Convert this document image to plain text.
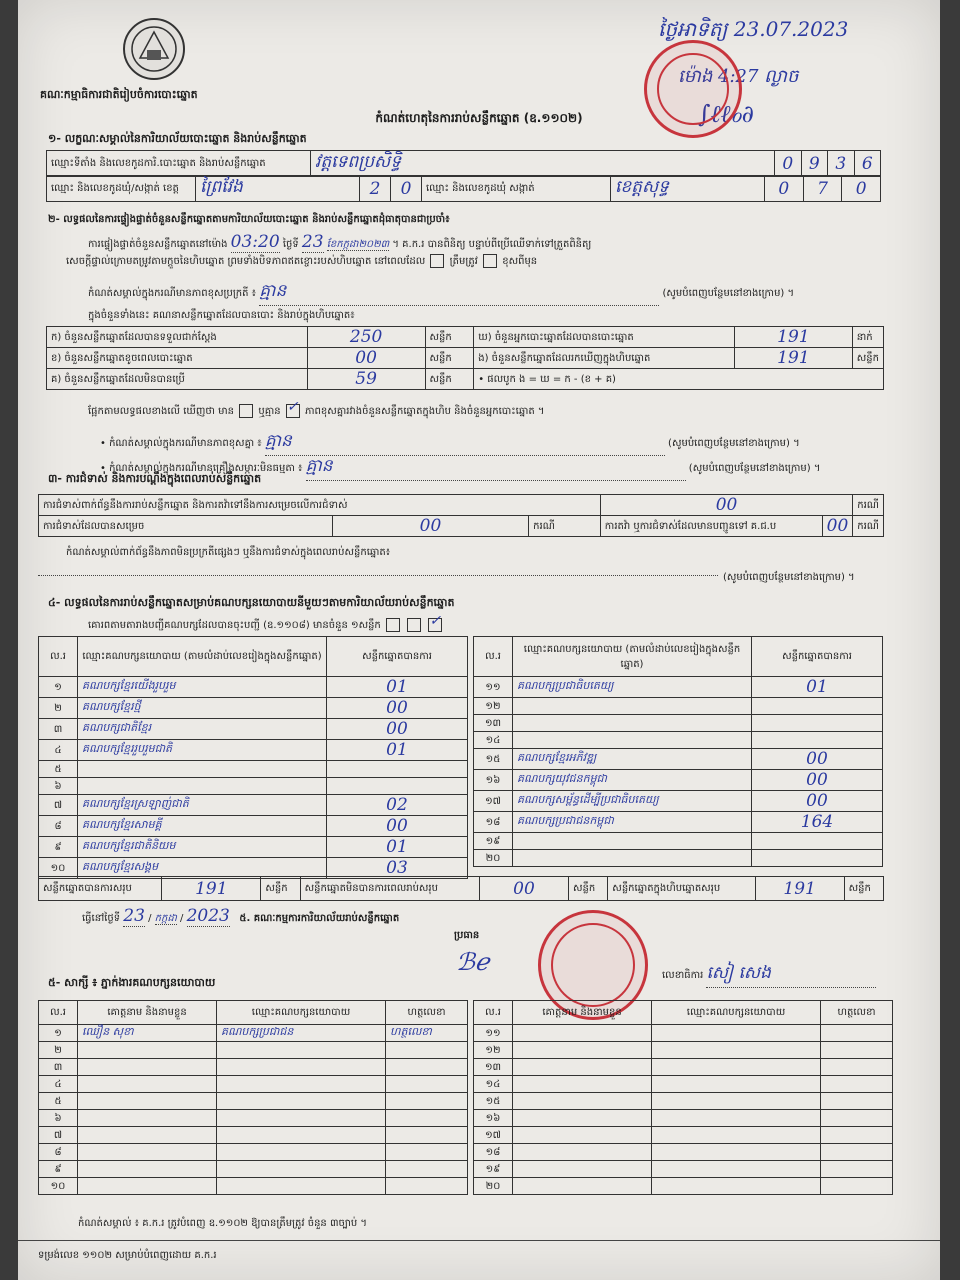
គណៈកម្មាធិការជាតិរៀបចំការបោះឆ្នោត
ថ្ងៃអាទិត្យ 23.07.2023
ម៉ោង 4:27 ល្ងាច
∫ℓℓℴ∂
កំណត់ហេតុនៃការរាប់សន្លឹកឆ្នោត (ឧ.១១០២)
១- លក្ខណៈសម្គាល់នៃការិយាល័យបោះឆ្នោត និងរាប់សន្លឹកឆ្នោត
ឈ្មោះទីតាំង និងលេខកូដការិ.បោះឆ្នោត និងរាប់សន្លឹកឆ្នោត	វត្តទេពប្រសិទ្ធិ	0	9	3	6
ឈ្មោះ និងលេខកូដឃុំ/សង្កាត់ ខេត្ត	ព្រៃវែង	2	0	ឈ្មោះ និងលេខកូដឃុំ សង្កាត់	ខេត្តសុទ្ធ	0	7	0
២- លទ្ធផលនៃការផ្ទៀងផ្ទាត់ចំនួនសន្លឹកឆ្នោតតាមការិយាល័យបោះឆ្នោត និងរាប់សន្លឹកឆ្នោតដុំធាតុបានជាប្រចាំ៖
ការផ្ទៀងផ្ទាត់ចំនួនសន្លឹកឆ្នោតនៅម៉ោង 03:20 ថ្ងៃទី 23 ខែកក្កដា២០២៣ ។ គ.ក.រ បានពិនិត្យ បន្ទាប់ពីប្រើឈើទាក់ទៅត្រួតពិនិត្យ
សេចក្ដីផ្ទាល់ក្រោមតម្រូវតាមក្ដួចនៃហិបឆ្នោត ព្រមទាំងបិទភាពឥតខ្ចោះរបស់ហិបឆ្នោត នៅពេលដែល ត្រឹមត្រូវ ខុសពីមុន
កំណត់សម្គាល់ក្នុងករណីមានភាពខុសប្រក្រតី ៖ គ្មាន	(សូមបំពេញបន្ថែមនៅខាងក្រោម) ។
ក្នុងចំនួនទាំងនេះ គណនាសន្លឹកឆ្នោតដែលបានបោះ និងរាប់ក្នុងហិបឆ្នោត៖
ក) ចំនួនសន្លឹកឆ្នោតដែលបានទទួលជាក់ស្ដែង	250	សន្លឹក	ឃ) ចំនួនអ្នកបោះឆ្នោតដែលបានបោះឆ្នោត	191	នាក់
ខ) ចំនួនសន្លឹកឆ្នោតខូចពេលបោះឆ្នោត	00	សន្លឹក	ង) ចំនួនសន្លឹកឆ្នោតដែលរកឃើញក្នុងហិបឆ្នោត	191	សន្លឹក
គ) ចំនួនសន្លឹកឆ្នោតដែលមិនបានប្រើ	59	សន្លឹក	• ផលបូក ង = ឃ = ក - (ខ + គ)		
ផ្អែកតាមលទ្ធផលខាងលើ ឃើញថា មាន ឬគ្មាន ✓ ភាពខុសគ្នារវាងចំនួនសន្លឹកឆ្នោតក្នុងហិប និងចំនួនអ្នកបោះឆ្នោត ។
• កំណត់សម្គាល់ក្នុងករណីមានភាពខុសគ្នា ៖ គ្មាន	(សូមបំពេញបន្ថែមនៅខាងក្រោម) ។
• កំណត់សម្គាល់ក្នុងករណីមានគ្រឿងសម្ភារៈមិនធម្មតា ៖ គ្មាន	(សូមបំពេញបន្ថែមនៅខាងក្រោម) ។
៣- ការជំទាស់ និងការបណ្ដឹងក្នុងពេលរាប់សន្លឹកឆ្នោត
ការជំទាស់ពាក់ព័ន្ធនឹងការរាប់សន្លឹកឆ្នោត និងការតវ៉ាទៅនឹងការសម្រេចលើការជំទាស់			00		ករណី
ការជំទាស់ដែលបានសម្រេច	00	ករណី	ការតវ៉ា ឬការជំទាស់ដែលមានបញ្ជូនទៅ គ.ជ.ប	00	ករណី
កំណត់សម្គាល់ពាក់ព័ន្ធនឹងភាពមិនប្រក្រតីផ្សេងៗ ឬនឹងការជំទាស់ក្នុងពេលរាប់សន្លឹកឆ្នោត៖
(សូមបំពេញបន្ថែមនៅខាងក្រោម) ។
៤- លទ្ធផលនៃការរាប់សន្លឹកឆ្នោតសម្រាប់គណបក្សនយោបាយនីមួយៗតាមការិយាល័យរាប់សន្លឹកឆ្នោត
គោរពតាមតារាងបញ្ជីគណបក្សដែលបានចុះបញ្ជី (ឧ.១១០៨) មានចំនួន ១សន្លឹក	✓
ល.រ	ឈ្មោះគណបក្សនយោបាយ (តាមលំដាប់លេខរៀងក្នុងសន្លឹកឆ្នោត)	សន្លឹកឆ្នោតបានការ
១	គណបក្សខ្មែរយើងរួបរួម	01
២	គណបក្សខ្មែរថ្មី	00
៣	គណបក្សជាតិខ្មែរ	00
៤	គណបក្សខ្មែររួបរួមជាតិ	01
៥		
៦		
៧	គណបក្សខ្មែរស្រឡាញ់ជាតិ	02
៨	គណបក្សខ្មែរសាមគ្គី	00
៩	គណបក្សខ្មែរជាតិនិយម	01
១០	គណបក្សខ្មែរសង្គម	03
ល.រ	ឈ្មោះគណបក្សនយោបាយ (តាមលំដាប់លេខរៀងក្នុងសន្លឹកឆ្នោត)	សន្លឹកឆ្នោតបានការ
១១	គណបក្សប្រជាធិបតេយ្យ	01
១២		
១៣		
១៤		
១៥	គណបក្សខ្មែរអភិវឌ្ឍ	00
១៦	គណបក្សយុវជនកម្ពុជា	00
១៧	គណបក្សសម្ព័ន្ធដើម្បីប្រជាធិបតេយ្យ	00
១៨	គណបក្សប្រជាជនកម្ពុជា	164
១៩		
២០		
សន្លឹកឆ្នោតបានការសរុប	191	សន្លឹក	សន្លឹកឆ្នោតមិនបានការពេលរាប់សរុប	00	សន្លឹក	សន្លឹកឆ្នោតក្នុងហិបឆ្នោតសរុប	191	សន្លឹក
ធ្វើនៅថ្ងៃទី 23 / កក្កដា / 2023 ៥. គណៈកម្មការការិយាល័យរាប់សន្លឹកឆ្នោត
ប្រធាន
ℬℯ	លេខាធិការ សៀ សេង
៥- សាក្សី ៖ ភ្នាក់ងារគណបក្សនយោបាយ
ល.រ	គោត្តនាម និងនាមខ្លួន	ឈ្មោះគណបក្សនយោបាយ	ហត្ថលេខា
១	ឈឿន សុខា	គណបក្សប្រជាជន	ហត្ថលេខា
២			
៣			
៤			
៥			
៦			
៧			
៨			
៩			
១០			
ល.រ	គោត្តនាម និងនាមខ្លួន	ឈ្មោះគណបក្សនយោបាយ	ហត្ថលេខា
១១			
១២			
១៣			
១៤			
១៥			
១៦			
១៧			
១៨			
១៩			
២០			
កំណត់សម្គាល់ ៖ គ.ក.រ ត្រូវបំពេញ ឧ.១១០២ ឱ្យបានត្រឹមត្រូវ ចំនួន ៣ច្បាប់ ។
ទម្រង់លេខ ១១០២ សម្រាប់បំពេញដោយ គ.ក.រ
